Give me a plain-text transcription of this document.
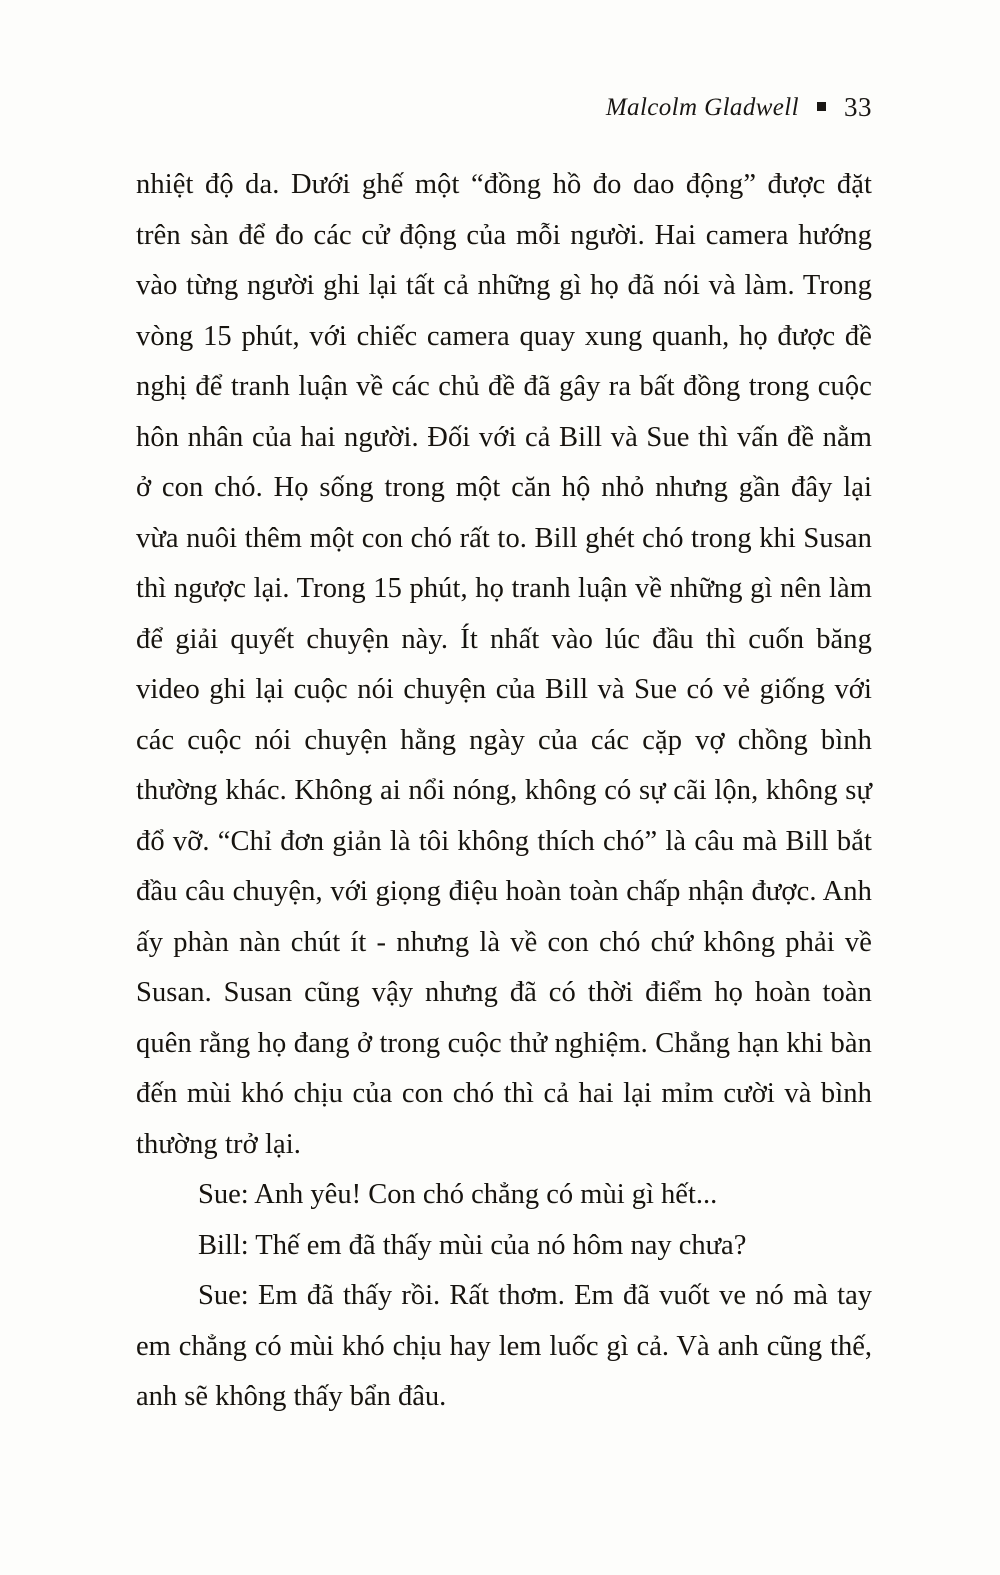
Malcolm Gladwell 33

nhiệt độ da. Dưới ghế một “đồng hồ đo dao động” được đặt trên sàn để đo các cử động của mỗi người. Hai camera hướng vào từng người ghi lại tất cả những gì họ đã nói và làm. Trong vòng 15 phút, với chiếc camera quay xung quanh, họ được đề nghị để tranh luận về các chủ đề đã gây ra bất đồng trong cuộc hôn nhân của hai người. Đối với cả Bill và Sue thì vấn đề nằm ở con chó. Họ sống trong một căn hộ nhỏ nhưng gần đây lại vừa nuôi thêm một con chó rất to. Bill ghét chó trong khi Susan thì ngược lại. Trong 15 phút, họ tranh luận về những gì nên làm để giải quyết chuyện này. Ít nhất vào lúc đầu thì cuốn băng video ghi lại cuộc nói chuyện của Bill và Sue có vẻ giống với các cuộc nói chuyện hằng ngày của các cặp vợ chồng bình thường khác. Không ai nổi nóng, không có sự cãi lộn, không sự đổ vỡ. “Chỉ đơn giản là tôi không thích chó” là câu mà Bill bắt đầu câu chuyện, với giọng điệu hoàn toàn chấp nhận được. Anh ấy phàn nàn chút ít - nhưng là về con chó chứ không phải về Susan. Susan cũng vậy nhưng đã có thời điểm họ hoàn toàn quên rằng họ đang ở trong cuộc thử nghiệm. Chẳng hạn khi bàn đến mùi khó chịu của con chó thì cả hai lại mỉm cười và bình thường trở lại.

Sue: Anh yêu! Con chó chẳng có mùi gì hết...

Bill: Thế em đã thấy mùi của nó hôm nay chưa?

Sue: Em đã thấy rồi. Rất thơm. Em đã vuốt ve nó mà tay em chẳng có mùi khó chịu hay lem luốc gì cả. Và anh cũng thế, anh sẽ không thấy bẩn đâu.
